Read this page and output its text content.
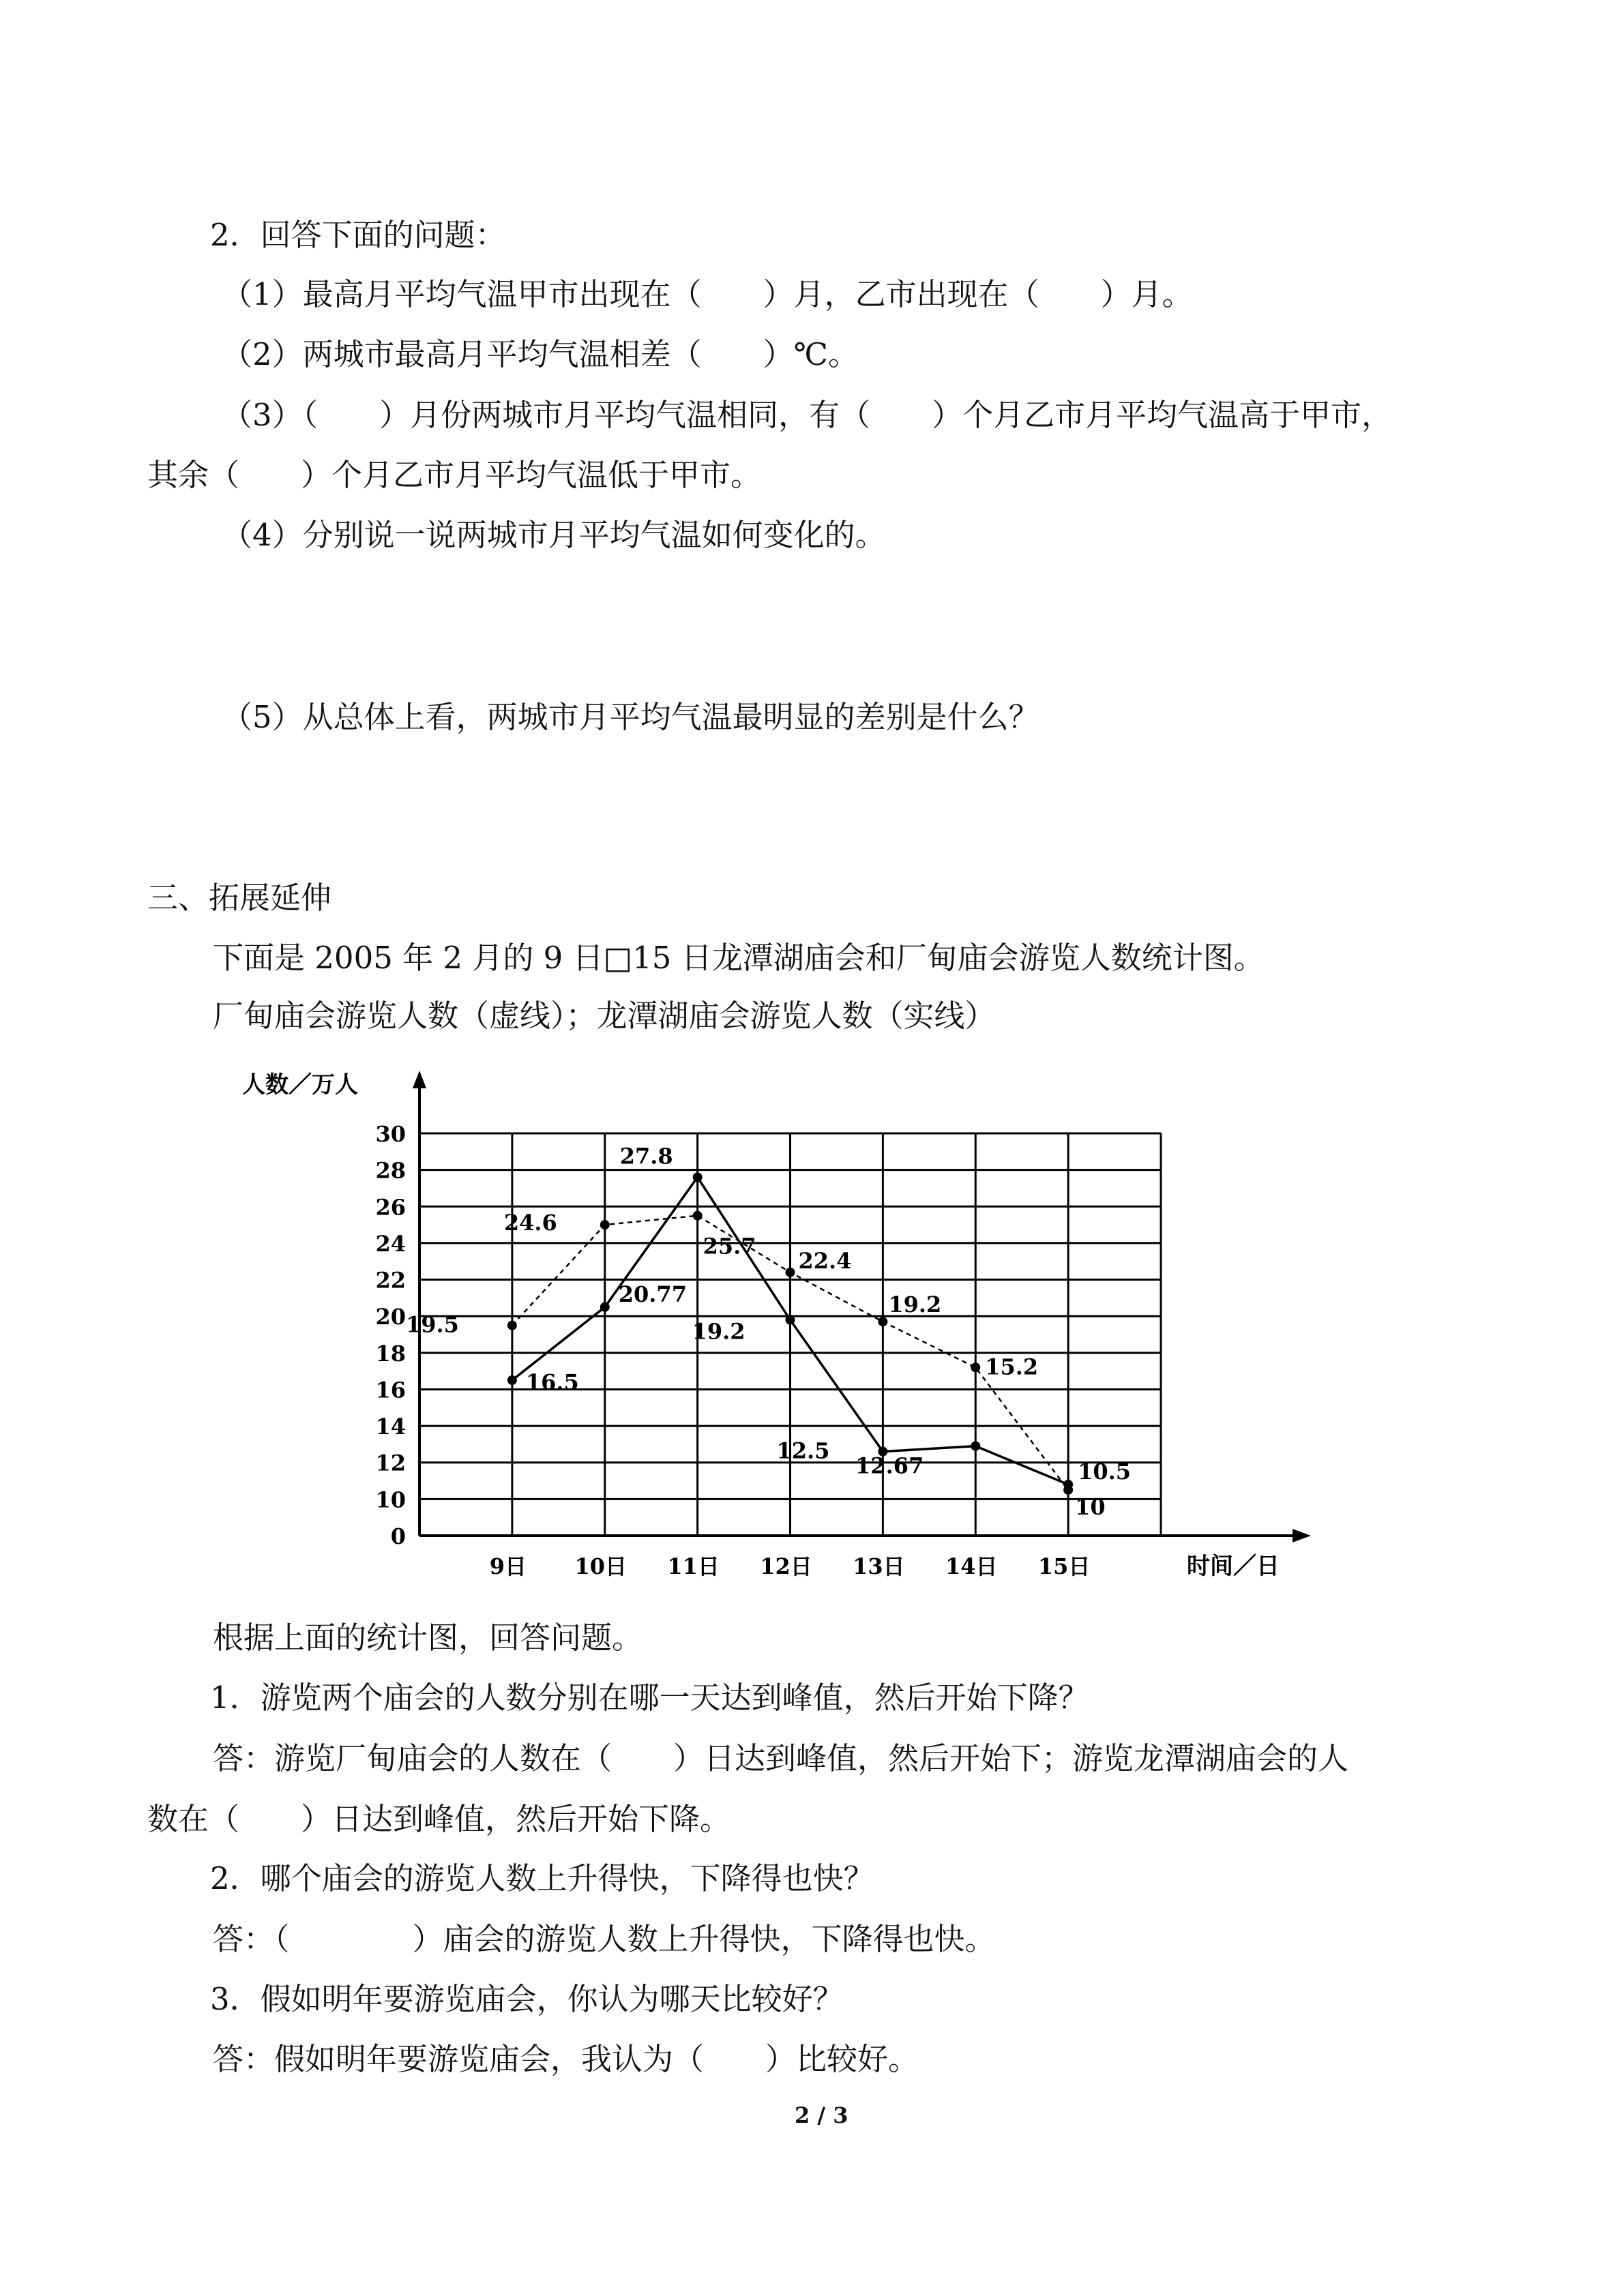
2．回答下面的问题：
（1）最高月平均气温甲市出现在（　　）月，乙市出现在（　　）月。
（2）两城市最高月平均气温相差（　　）℃。
（3）（　　）月份两城市月平均气温相同，有（　　）个月乙市月平均气温高于甲市，
其余（　　）个月乙市月平均气温低于甲市。
（4）分别说一说两城市月平均气温如何变化的。
（5）从总体上看，两城市月平均气温最明显的差别是什么？
三、拓展延伸
下面是 2005 年 2 月的 9 日□15 日龙潭湖庙会和厂甸庙会游览人数统计图。
厂甸庙会游览人数（虚线）；龙潭湖庙会游览人数（实线）
30
28
26
24
22
20
18
16
14
12
10
0
9日 10日 11日 12日 13日 14日 15日
19.5
24.6
25.7
22.4
19.2
15.2
10.5
16.5
20.77
27.8
19.2
12.5
12.67
10
人数／万人
时间／日
根据上面的统计图，回答问题。
1．游览两个庙会的人数分别在哪一天达到峰值，然后开始下降？
答：游览厂甸庙会的人数在（　　）日达到峰值，然后开始下；游览龙潭湖庙会的人
数在（　　）日达到峰值，然后开始下降。
2．哪个庙会的游览人数上升得快，下降得也快？
答：（　　　　）庙会的游览人数上升得快，下降得也快。
3．假如明年要游览庙会，你认为哪天比较好？
答：假如明年要游览庙会，我认为（　　）比较好。
2 / 3
